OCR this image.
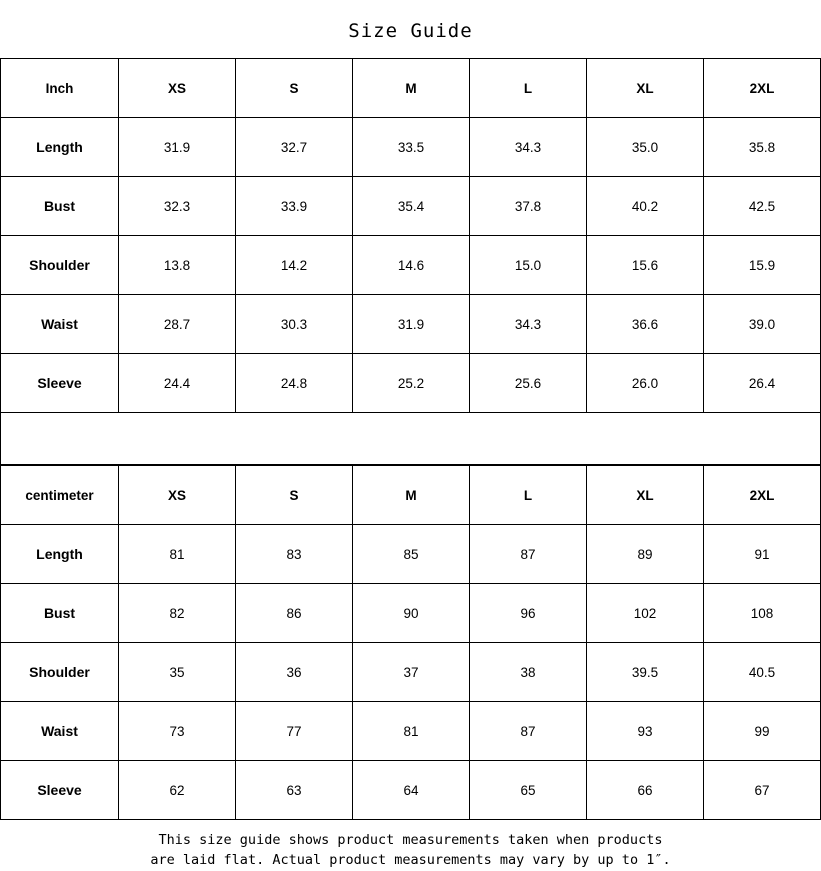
Size Guide
Inch	XS	S	M	L	XL	2XL
Length	31.9	32.7	33.5	34.3	35.0	35.8
Bust	32.3	33.9	35.4	37.8	40.2	42.5
Shoulder	13.8	14.2	14.6	15.0	15.6	15.9
Waist	28.7	30.3	31.9	34.3	36.6	39.0
Sleeve	24.4	24.8	25.2	25.6	26.0	26.4
centimeter	XS	S	M	L	XL	2XL
Length	81	83	85	87	89	91
Bust	82	86	90	96	102	108
Shoulder	35	36	37	38	39.5	40.5
Waist	73	77	81	87	93	99
Sleeve	62	63	64	65	66	67
This size guide shows product measurements taken when products
are laid flat. Actual product measurements may vary by up to 1″.
